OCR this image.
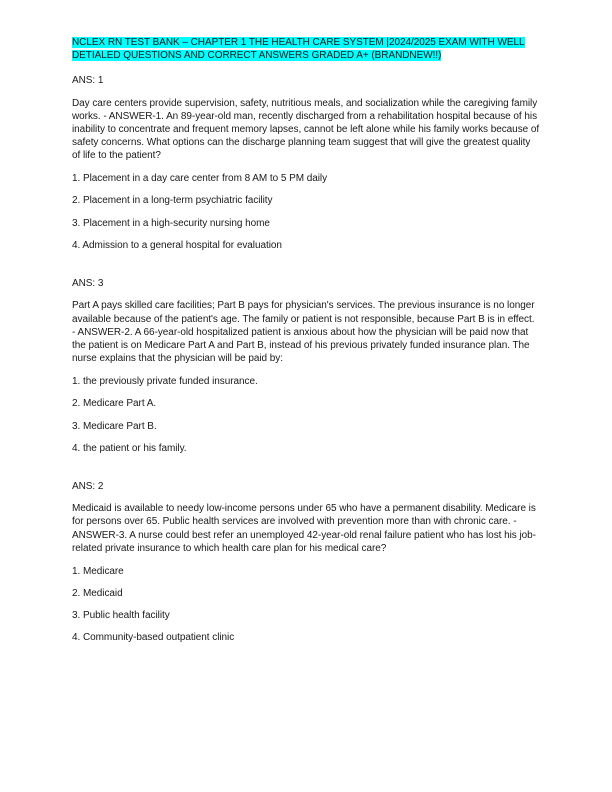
NCLEX RN TEST BANK – CHAPTER 1 THE HEALTH CARE SYSTEM |2024/2025 EXAM WITH WELL DETIALED QUESTIONS AND CORRECT ANSWERS GRADED A+ (BRANDNEW!!)

ANS: 1

Day care centers provide supervision, safety, nutritious meals, and socialization while the caregiving family works. - ANSWER-1. An 89-year-old man, recently discharged from a rehabilitation hospital because of his inability to concentrate and frequent memory lapses, cannot be left alone while his family works because of safety concerns. What options can the discharge planning team suggest that will give the greatest quality of life to the patient?

1. Placement in a day care center from 8 AM to 5 PM daily

2. Placement in a long-term psychiatric facility

3. Placement in a high-security nursing home

4. Admission to a general hospital for evaluation

ANS: 3

Part A pays skilled care facilities; Part B pays for physician's services. The previous insurance is no longer available because of the patient's age. The family or patient is not responsible, because Part B is in effect. - ANSWER-2. A 66-year-old hospitalized patient is anxious about how the physician will be paid now that the patient is on Medicare Part A and Part B, instead of his previous privately funded insurance plan. The nurse explains that the physician will be paid by:

1. the previously private funded insurance.

2. Medicare Part A.

3. Medicare Part B.

4. the patient or his family.

ANS: 2

Medicaid is available to needy low-income persons under 65 who have a permanent disability. Medicare is for persons over 65. Public health services are involved with prevention more than with chronic care. - ANSWER-3. A nurse could best refer an unemployed 42-year-old renal failure patient who has lost his job-related private insurance to which health care plan for his medical care?

1. Medicare

2. Medicaid

3. Public health facility

4. Community-based outpatient clinic
